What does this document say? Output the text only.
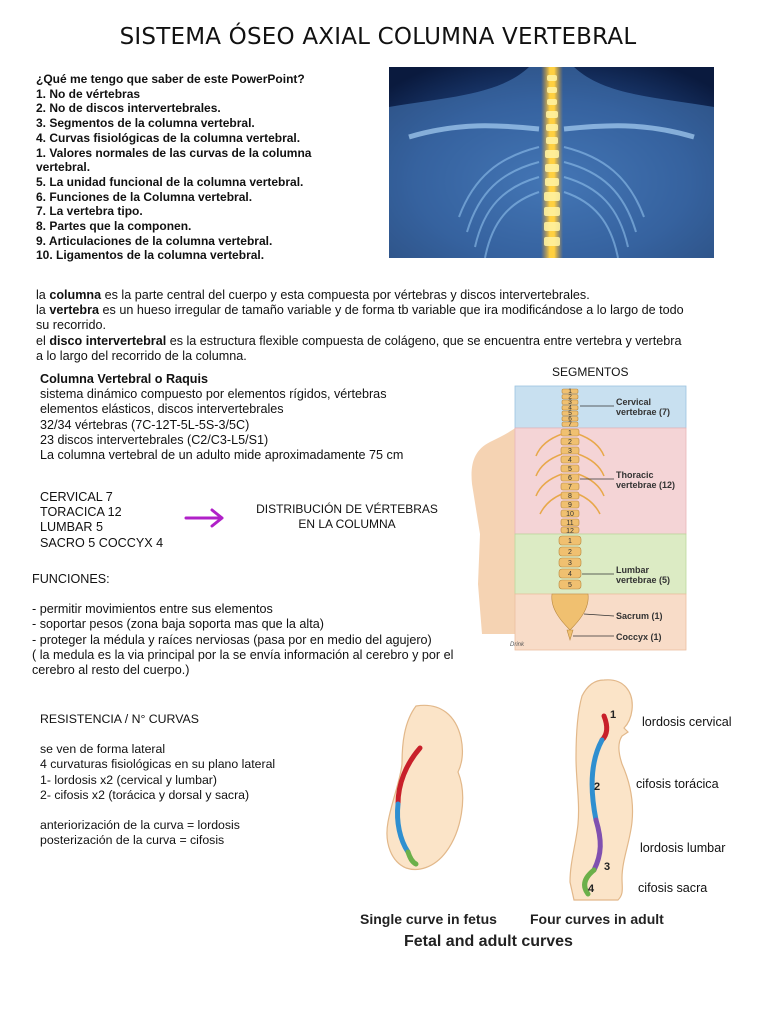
SISTEMA ÓSEO AXIAL COLUMNA VERTEBRAL
¿Qué me tengo que saber de este PowerPoint?
1. No de vértebras
2. No de discos intervertebrales.
3. Segmentos de la columna vertebral.
4. Curvas fisiológicas de la columna vertebral.
1. Valores normales de las curvas de la columna
vertebral.
5. La unidad funcional de la columna vertebral.
6. Funciones de la Columna vertebral.
7. La vertebra tipo.
8. Partes que la componen.
9. Articulaciones de la columna vertebral.
10. Ligamentos de la columna vertebral.
la columna es la parte central del cuerpo y esta compuesta por vértebras y discos intervertebrales.
la vertebra es un hueso irregular de tamaño variable y de forma tb variable que ira modificándose a lo largo de todo su recorrido.
el disco intervertebral es la estructura flexible compuesta de colágeno, que se encuentra entre vertebra y vertebra a lo largo del recorrido de la columna.
Columna Vertebral o Raquis
sistema dinámico compuesto por elementos rígidos, vértebras
elementos elásticos, discos intervertebrales
32/34 vértebras (7C-12T-5L-5S-3/5C)
23 discos intervertebrales (C2/C3-L5/S1)
La columna vertebral de un adulto mide aproximadamente 75 cm
CERVICAL 7
TORACICA 12
LUMBAR 5
SACRO 5 COCCYX 4
DISTRIBUCIÓN DE VÉRTEBRAS
EN LA COLUMNA
SEGMENTOS
1
2
3
4
5
6
7
1
2
3
4
5
6
7
8
9
10
11
12
1
2
3
4
5
Cervical
vertebrae (7)
Thoracic
vertebrae (12)
Lumbar
vertebrae (5)
Sacrum (1)
Coccyx (1)
Drink
FUNCIONES:
- permitir movimientos entre sus elementos
- soportar pesos (zona baja soporta mas que la alta)
- proteger la médula y raíces nerviosas (pasa por en medio del agujero)
( la medula es la via principal por la se envía información al cerebro y por el cerebro al resto del cuerpo.)
RESISTENCIA / N° CURVAS
se ven de forma lateral
4 curvaturas fisiológicas en su plano lateral
1- lordosis x2 (cervical y lumbar)
2- cifosis x2 (torácica y dorsal y sacra)
anteriorización de la curva = lordosis
posterización de la curva = cifosis
1
2
3
4
Single curve in fetus Four curves in adult
Fetal and adult curves
lordosis cervical
cifosis torácica
lordosis lumbar
cifosis sacra
